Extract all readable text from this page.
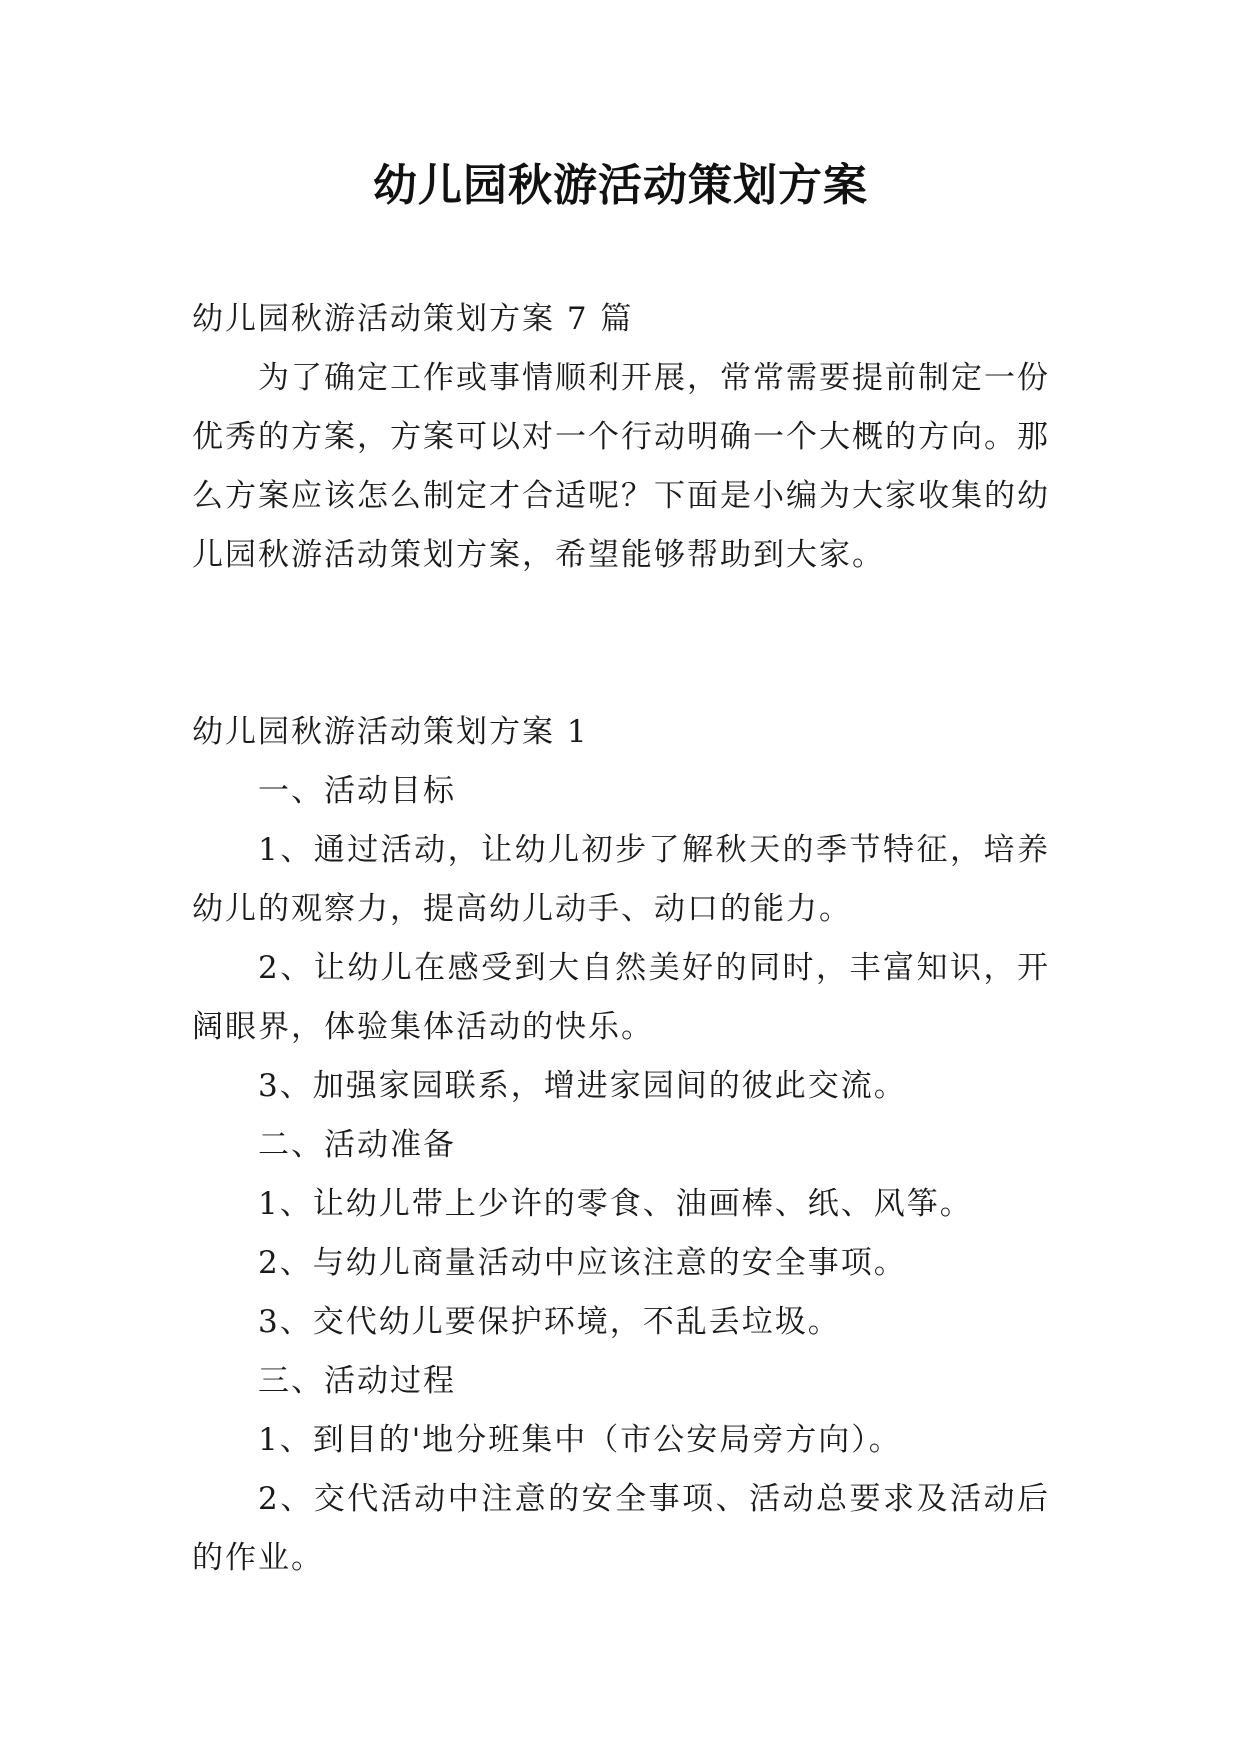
幼儿园秋游活动策划方案
幼儿园秋游活动策划方案 7 篇

为了确定工作或事情顺利开展，常常需要提前制定一份优秀的方案，方案可以对一个行动明确一个大概的方向。那么方案应该怎么制定才合适呢？下面是小编为大家收集的幼儿园秋游活动策划方案，希望能够帮助到大家。

幼儿园秋游活动策划方案 1

一、活动目标

1、通过活动，让幼儿初步了解秋天的季节特征，培养幼儿的观察力，提高幼儿动手、动口的能力。

2、让幼儿在感受到大自然美好的同时，丰富知识，开阔眼界，体验集体活动的快乐。

3、加强家园联系，增进家园间的彼此交流。

二、活动准备

1、让幼儿带上少许的零食、油画棒、纸、风筝。

2、与幼儿商量活动中应该注意的安全事项。

3、交代幼儿要保护环境，不乱丢垃圾。

三、活动过程

1、到目的'地分班集中（市公安局旁方向）。

2、交代活动中注意的安全事项、活动总要求及活动后的作业。
